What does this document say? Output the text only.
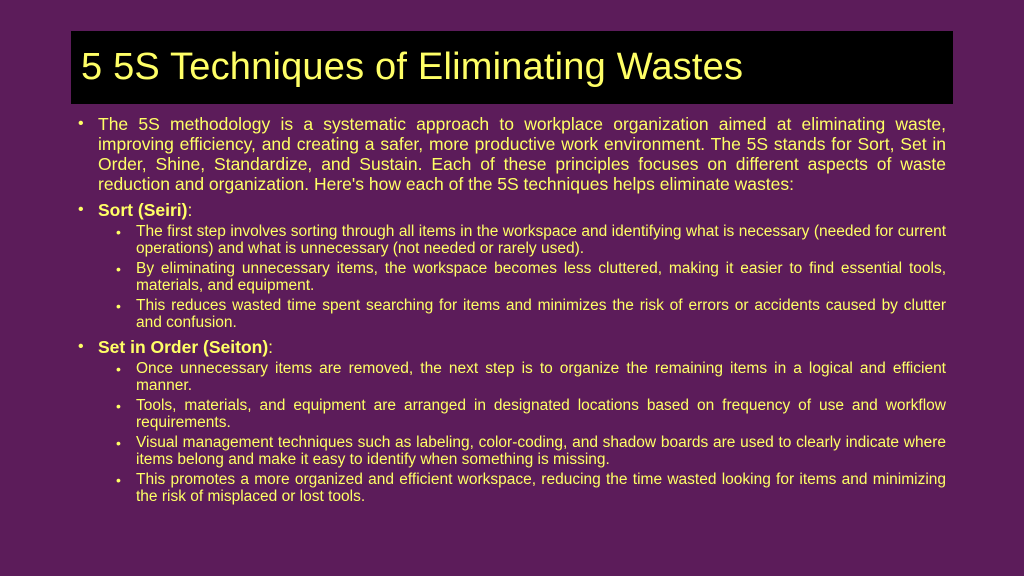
5 5S Techniques of Eliminating Wastes
• The 5S methodology is a systematic approach to workplace organization aimed at eliminating waste, improving efficiency, and creating a safer, more productive work environment. The 5S stands for Sort, Set in Order, Shine, Standardize, and Sustain. Each of these principles focuses on different aspects of waste reduction and organization. Here's how each of the 5S techniques helps eliminate wastes:
• Sort (Seiri):
• The first step involves sorting through all items in the workspace and identifying what is necessary (needed for current operations) and what is unnecessary (not needed or rarely used).
• By eliminating unnecessary items, the workspace becomes less cluttered, making it easier to find essential tools, materials, and equipment.
• This reduces wasted time spent searching for items and minimizes the risk of errors or accidents caused by clutter and confusion.
• Set in Order (Seiton):
• Once unnecessary items are removed, the next step is to organize the remaining items in a logical and efficient manner.
• Tools, materials, and equipment are arranged in designated locations based on frequency of use and workflow requirements.
• Visual management techniques such as labeling, color-coding, and shadow boards are used to clearly indicate where items belong and make it easy to identify when something is missing.
• This promotes a more organized and efficient workspace, reducing the time wasted looking for items and minimizing the risk of misplaced or lost tools.
